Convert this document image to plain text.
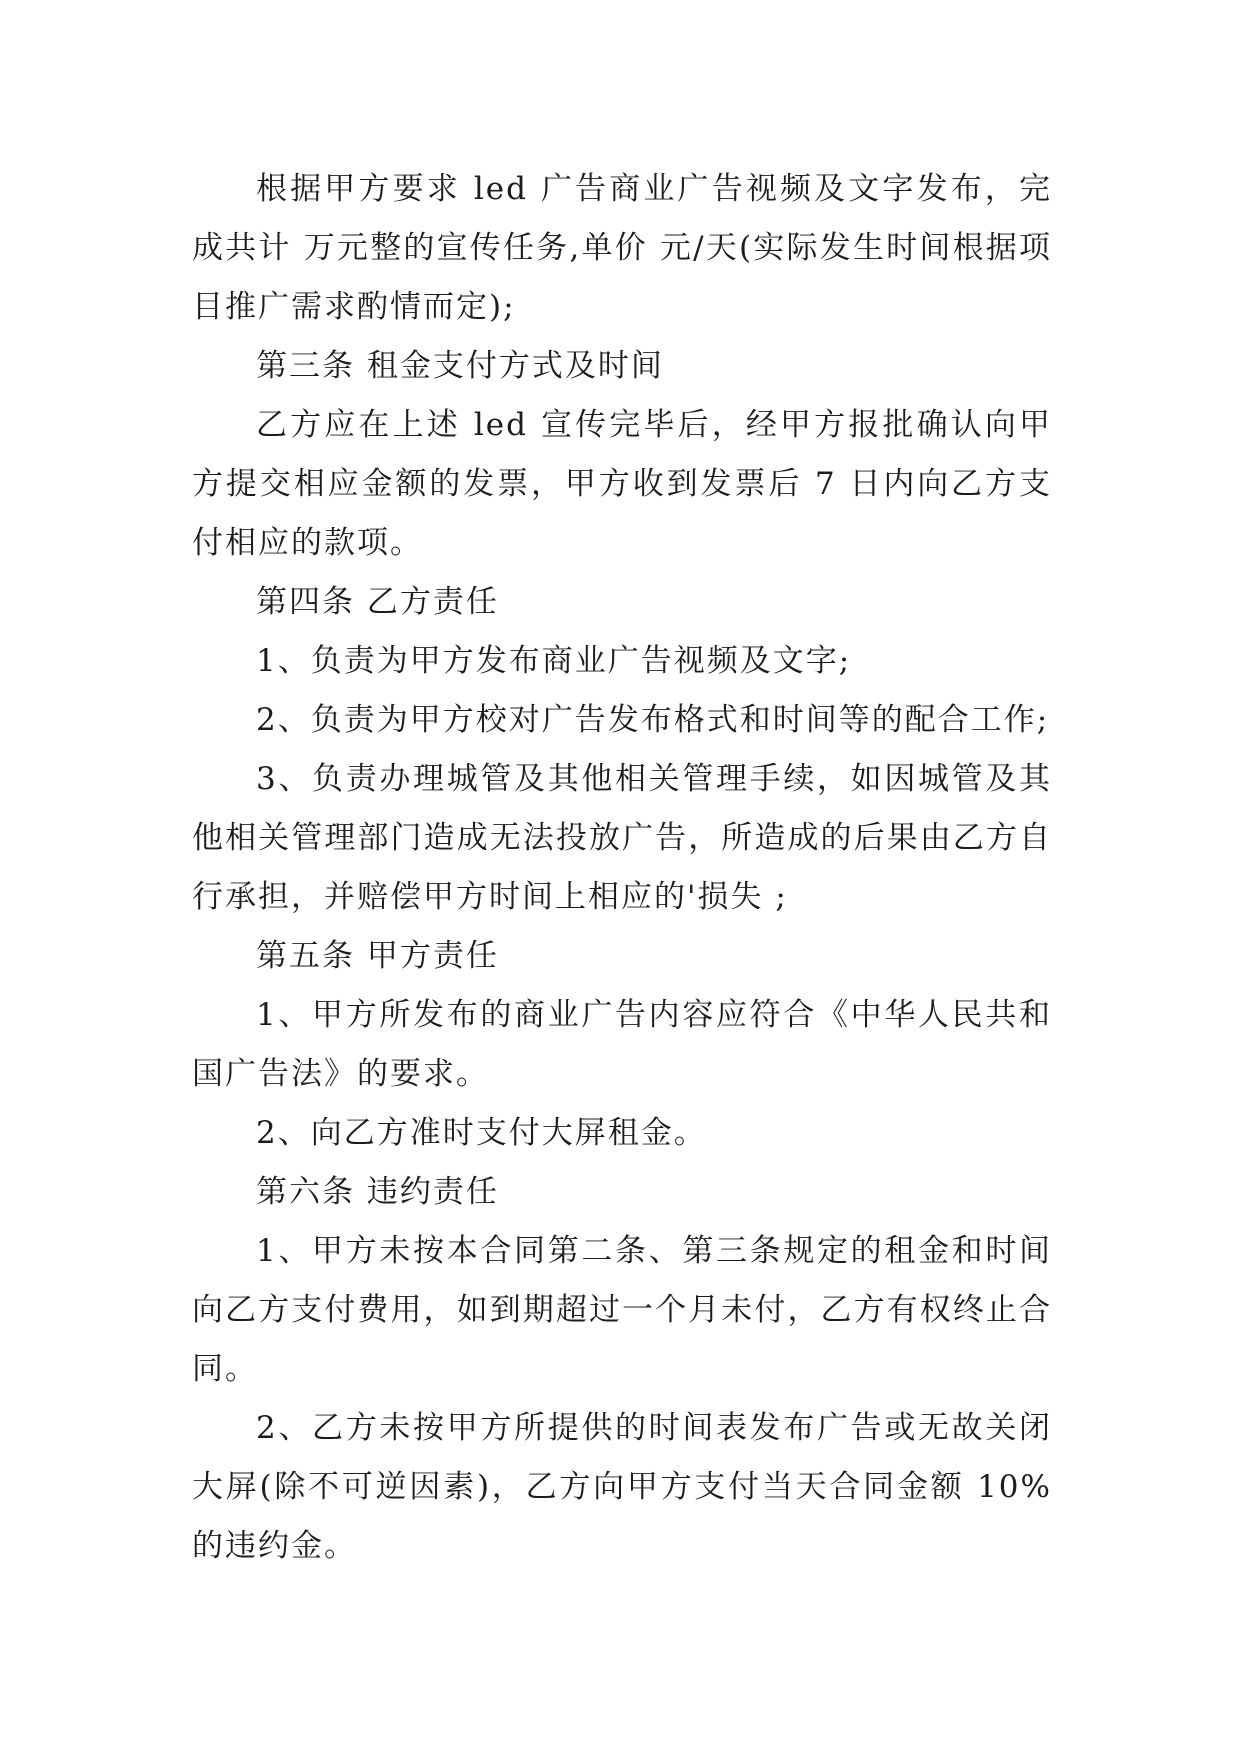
根据甲方要求 led 广告商业广告视频及文字发布，完成共计 万元整的宣传任务,单价 元/天(实际发生时间根据项目推广需求酌情而定);

第三条 租金支付方式及时间

乙方应在上述 led 宣传完毕后，经甲方报批确认向甲方提交相应金额的发票，甲方收到发票后 7 日内向乙方支付相应的款项。

第四条 乙方责任

1、负责为甲方发布商业广告视频及文字;

2、负责为甲方校对广告发布格式和时间等的配合工作;

3、负责办理城管及其他相关管理手续，如因城管及其他相关管理部门造成无法投放广告，所造成的后果由乙方自行承担，并赔偿甲方时间上相应的'损失 ;

第五条 甲方责任

1、甲方所发布的商业广告内容应符合《中华人民共和国广告法》的要求。

2、向乙方准时支付大屏租金。

第六条 违约责任

1、甲方未按本合同第二条、第三条规定的租金和时间向乙方支付费用，如到期超过一个月未付，乙方有权终止合同。

2、乙方未按甲方所提供的时间表发布广告或无故关闭大屏(除不可逆因素)，乙方向甲方支付当天合同金额 10%的违约金。
